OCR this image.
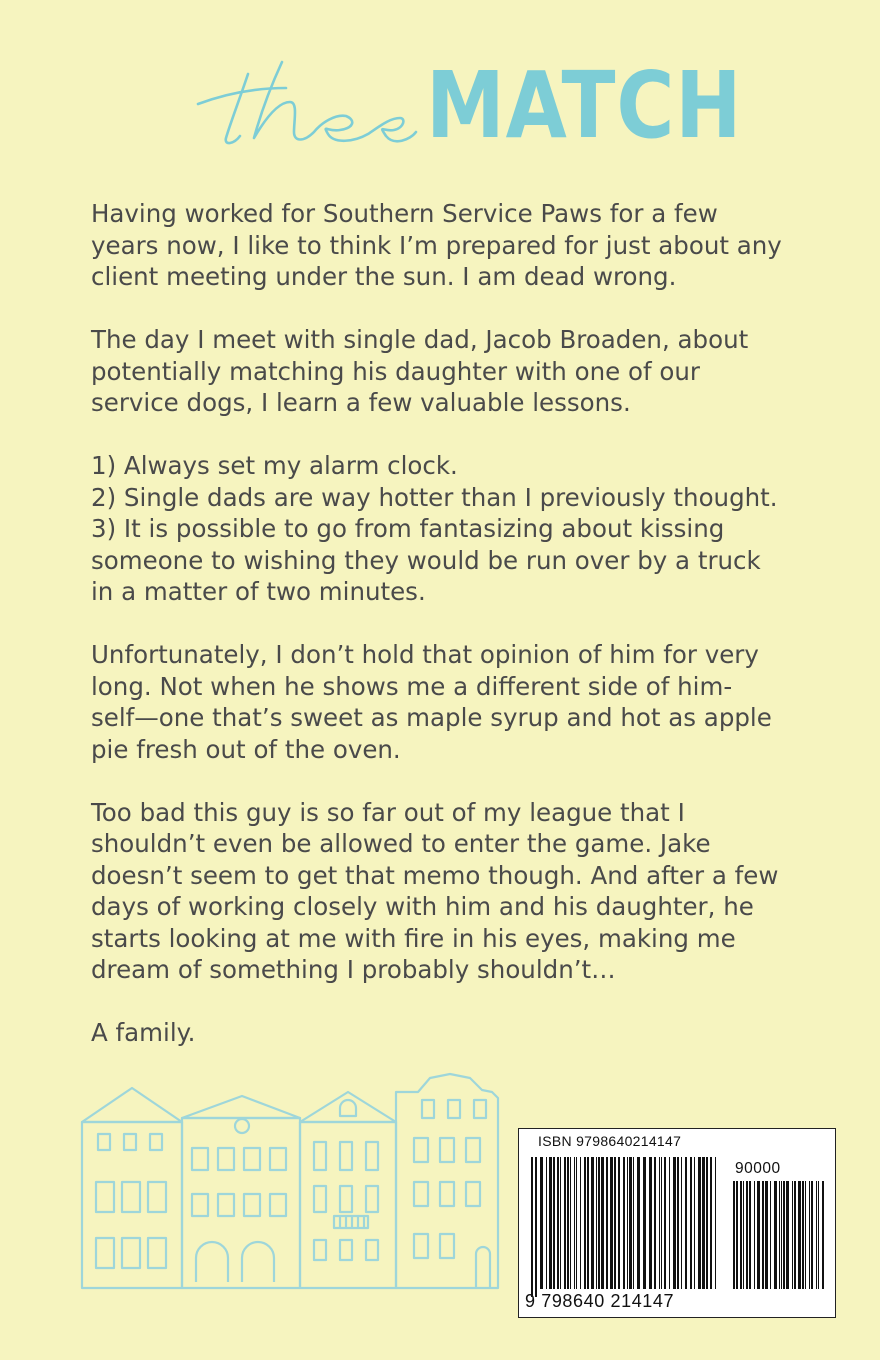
MATCH

Having worked for Southern Service Paws for a few
years now, I like to think I’m prepared for just about any
client meeting under the sun. I am dead wrong.

The day I meet with single dad, Jacob Broaden, about
potentially matching his daughter with one of our
service dogs, I learn a few valuable lessons.

1) Always set my alarm clock.
2) Single dads are way hotter than I previously thought.
3) It is possible to go from fantasizing about kissing
someone to wishing they would be run over by a truck
in a matter of two minutes.

Unfortunately, I don’t hold that opinion of him for very
long. Not when he shows me a different side of him-
self—one that’s sweet as maple syrup and hot as apple
pie fresh out of the oven.

Too bad this guy is so far out of my league that I
shouldn’t even be allowed to enter the game. Jake
doesn’t seem to get that memo though. And after a few
days of working closely with him and his daughter, he
starts looking at me with fire in his eyes, making me
dream of something I probably shouldn’t…

A family.

ISBN 9798640214147
90000
9 798640 214147
